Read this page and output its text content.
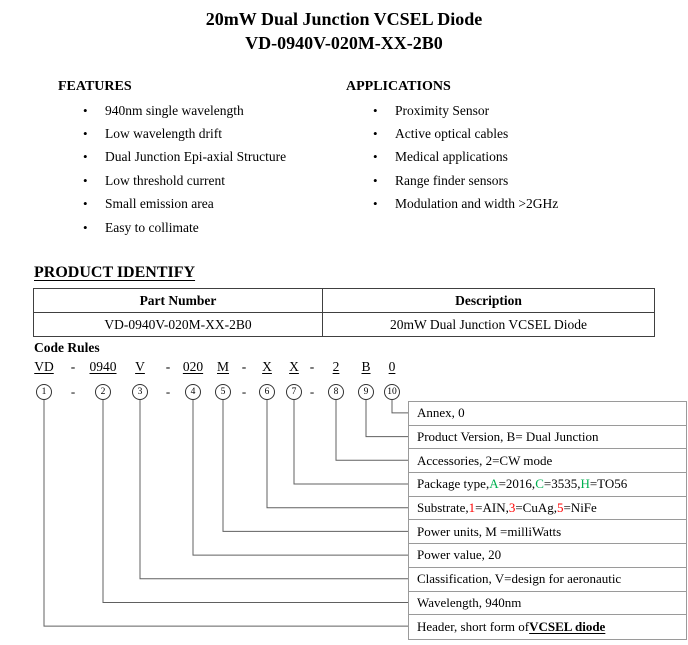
20mW Dual Junction VCSEL Diode
VD-0940V-020M-XX-2B0
FEATURES
•	940nm single wavelength
•	Low wavelength drift
•	Dual Junction Epi-axial Structure
•	Low threshold current
•	Small emission area
•	Easy to collimate
APPLICATIONS
•	Proximity Sensor
•	Active optical cables
•	Medical applications
•	Range finder sensors
•	Modulation and width >2GHz
PRODUCT IDENTIFY
Part Number	Description
VD-0940V-020M-XX-2B0	20mW Dual Junction VCSEL Diode
Code Rules
VD - 0940 V - 020 M - X X - 2 B 0
1	-	2	3	-	4	5	-	6	7	-	8	9	10
Annex, 0
Product Version, B= Dual Junction
Accessories, 2=CW mode
Package type, A =2016, C =3535, H =TO56
Substrate, 1 =AIN, 3 =CuAg, 5 =NiFe
Power units, M =milliWatts
Power value, 20
Classification, V=design for aeronautic
Wavelength, 940nm
Header, short form of VCSEL diode
